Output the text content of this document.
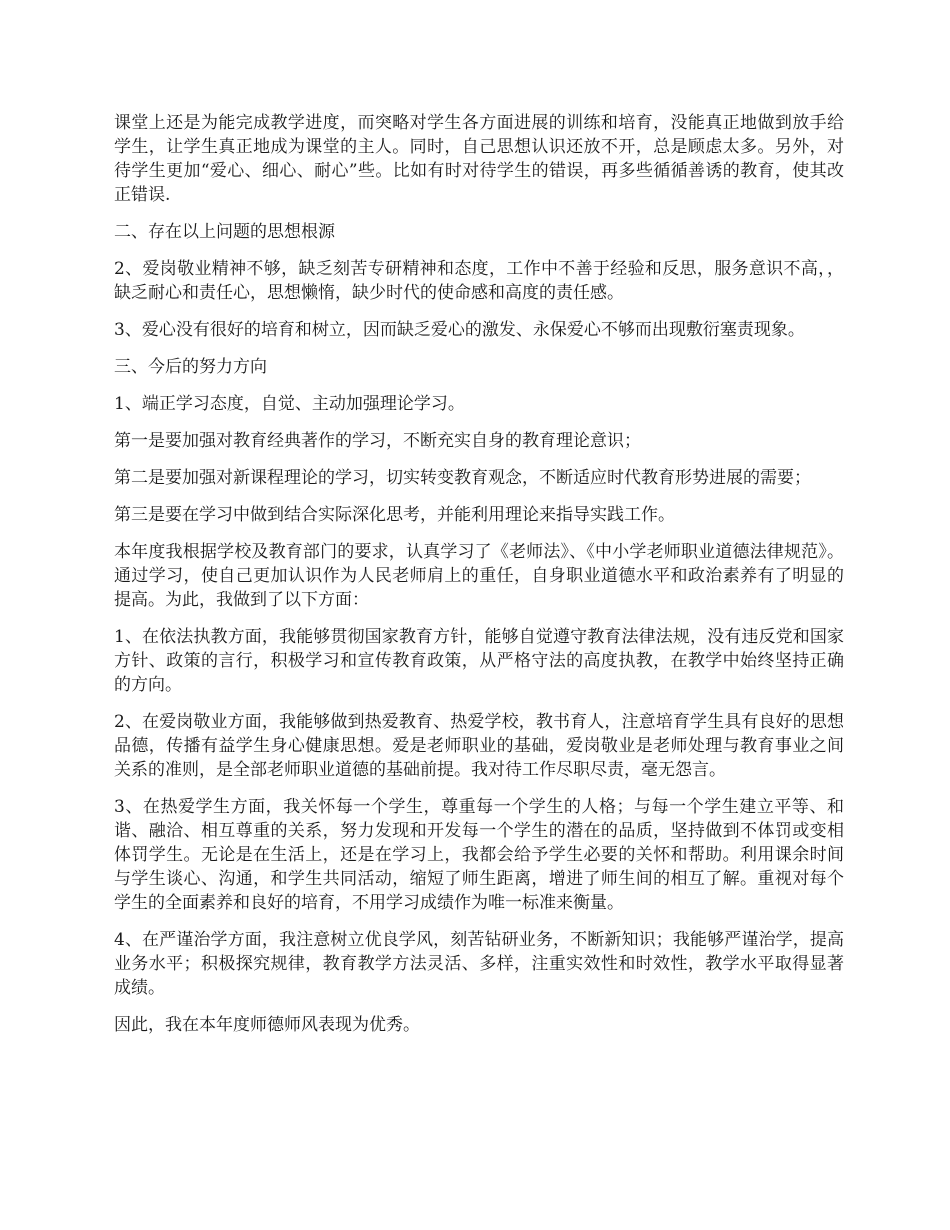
课堂上还是为能完成教学进度，而突略对学生各方面进展的训练和培育，没能真正地做到放手给学生，让学生真正地成为课堂的主人。同时，自己思想认识还放不开，总是顾虑太多。另外，对待学生更加“爱心、细心、耐心”些。比如有时对待学生的错误，再多些循循善诱的教育，使其改正错误.

二、存在以上问题的思想根源

2、爱岗敬业精神不够，缺乏刻苦专研精神和态度，工作中不善于经验和反思，服务意识不高，，缺乏耐心和责任心，思想懒惰，缺少时代的使命感和高度的责任感。

3、爱心没有很好的培育和树立，因而缺乏爱心的激发、永保爱心不够而出现敷衍塞责现象。

三、今后的努力方向

1、端正学习态度，自觉、主动加强理论学习。

第一是要加强对教育经典著作的学习，不断充实自身的教育理论意识；

第二是要加强对新课程理论的学习，切实转变教育观念，不断适应时代教育形势进展的需要；

第三是要在学习中做到结合实际深化思考，并能利用理论来指导实践工作。

本年度我根据学校及教育部门的要求，认真学习了《老师法》、《中小学老师职业道德法律规范》。通过学习，使自己更加认识作为人民老师肩上的重任，自身职业道德水平和政治素养有了明显的提高。为此，我做到了以下方面：

1、在依法执教方面，我能够贯彻国家教育方针，能够自觉遵守教育法律法规，没有违反党和国家方针、政策的言行，积极学习和宣传教育政策，从严格守法的高度执教，在教学中始终坚持正确的方向。

2、在爱岗敬业方面，我能够做到热爱教育、热爱学校，教书育人，注意培育学生具有良好的思想品德，传播有益学生身心健康思想。爱是老师职业的基础，爱岗敬业是老师处理与教育事业之间关系的准则，是全部老师职业道德的基础前提。我对待工作尽职尽责，毫无怨言。

3、在热爱学生方面，我关怀每一个学生，尊重每一个学生的人格；与每一个学生建立平等、和谐、融洽、相互尊重的关系，努力发现和开发每一个学生的潜在的品质，坚持做到不体罚或变相体罚学生。无论是在生活上，还是在学习上，我都会给予学生必要的关怀和帮助。利用课余时间与学生谈心、沟通，和学生共同活动，缩短了师生距离，增进了师生间的相互了解。重视对每个学生的全面素养和良好的培育，不用学习成绩作为唯一标准来衡量。

4、在严谨治学方面，我注意树立优良学风，刻苦钻研业务，不断新知识；我能够严谨治学，提高业务水平；积极探究规律，教育教学方法灵活、多样，注重实效性和时效性，教学水平取得显著成绩。

因此，我在本年度师德师风表现为优秀。
